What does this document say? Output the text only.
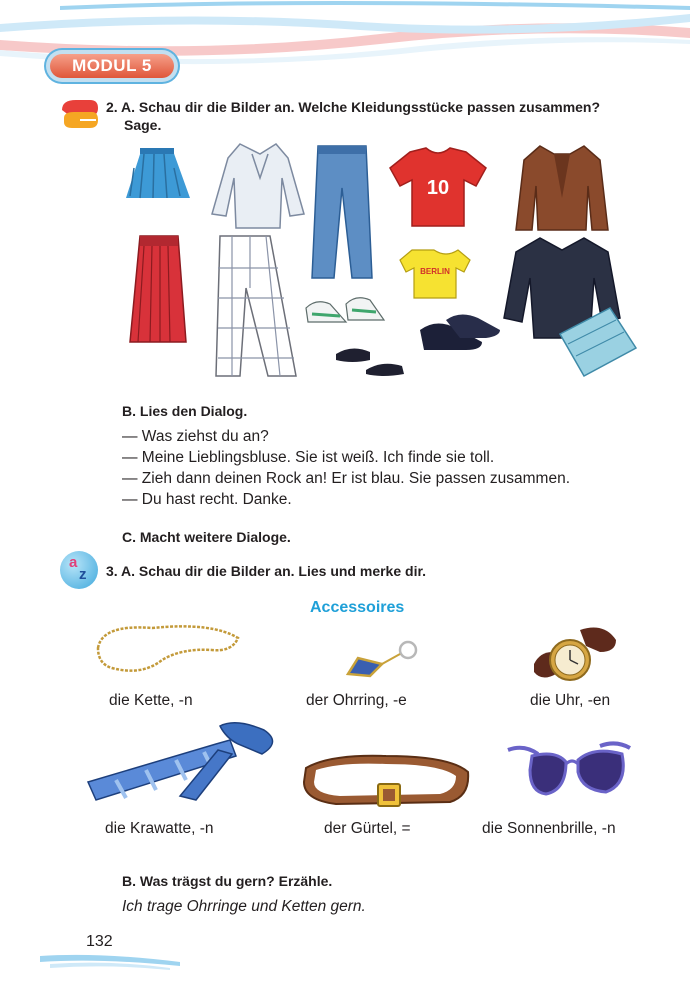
MODUL 5
2. A. Schau dir die Bilder an. Welche Kleidungsstücke passen zusammen?
Sage.
10
BERLIN
B. Lies den Dialog.
— Was ziehst du an?
— Meine Lieblingsbluse. Sie ist weiß. Ich finde sie toll.
— Zieh dann deinen Rock an! Er ist blau. Sie passen zusammen.
— Du hast recht. Danke.
C. Macht weitere Dialoge.
a
z 3. A. Schau dir die Bilder an. Lies und merke dir.
Accessoires
die Kette, -n	der Ohrring, -e	die Uhr, -en
die Krawatte, -n	der Gürtel, =	die Sonnenbrille, -n
B. Was trägst du gern? Erzähle.
Ich trage Ohrringe und Ketten gern.
132
